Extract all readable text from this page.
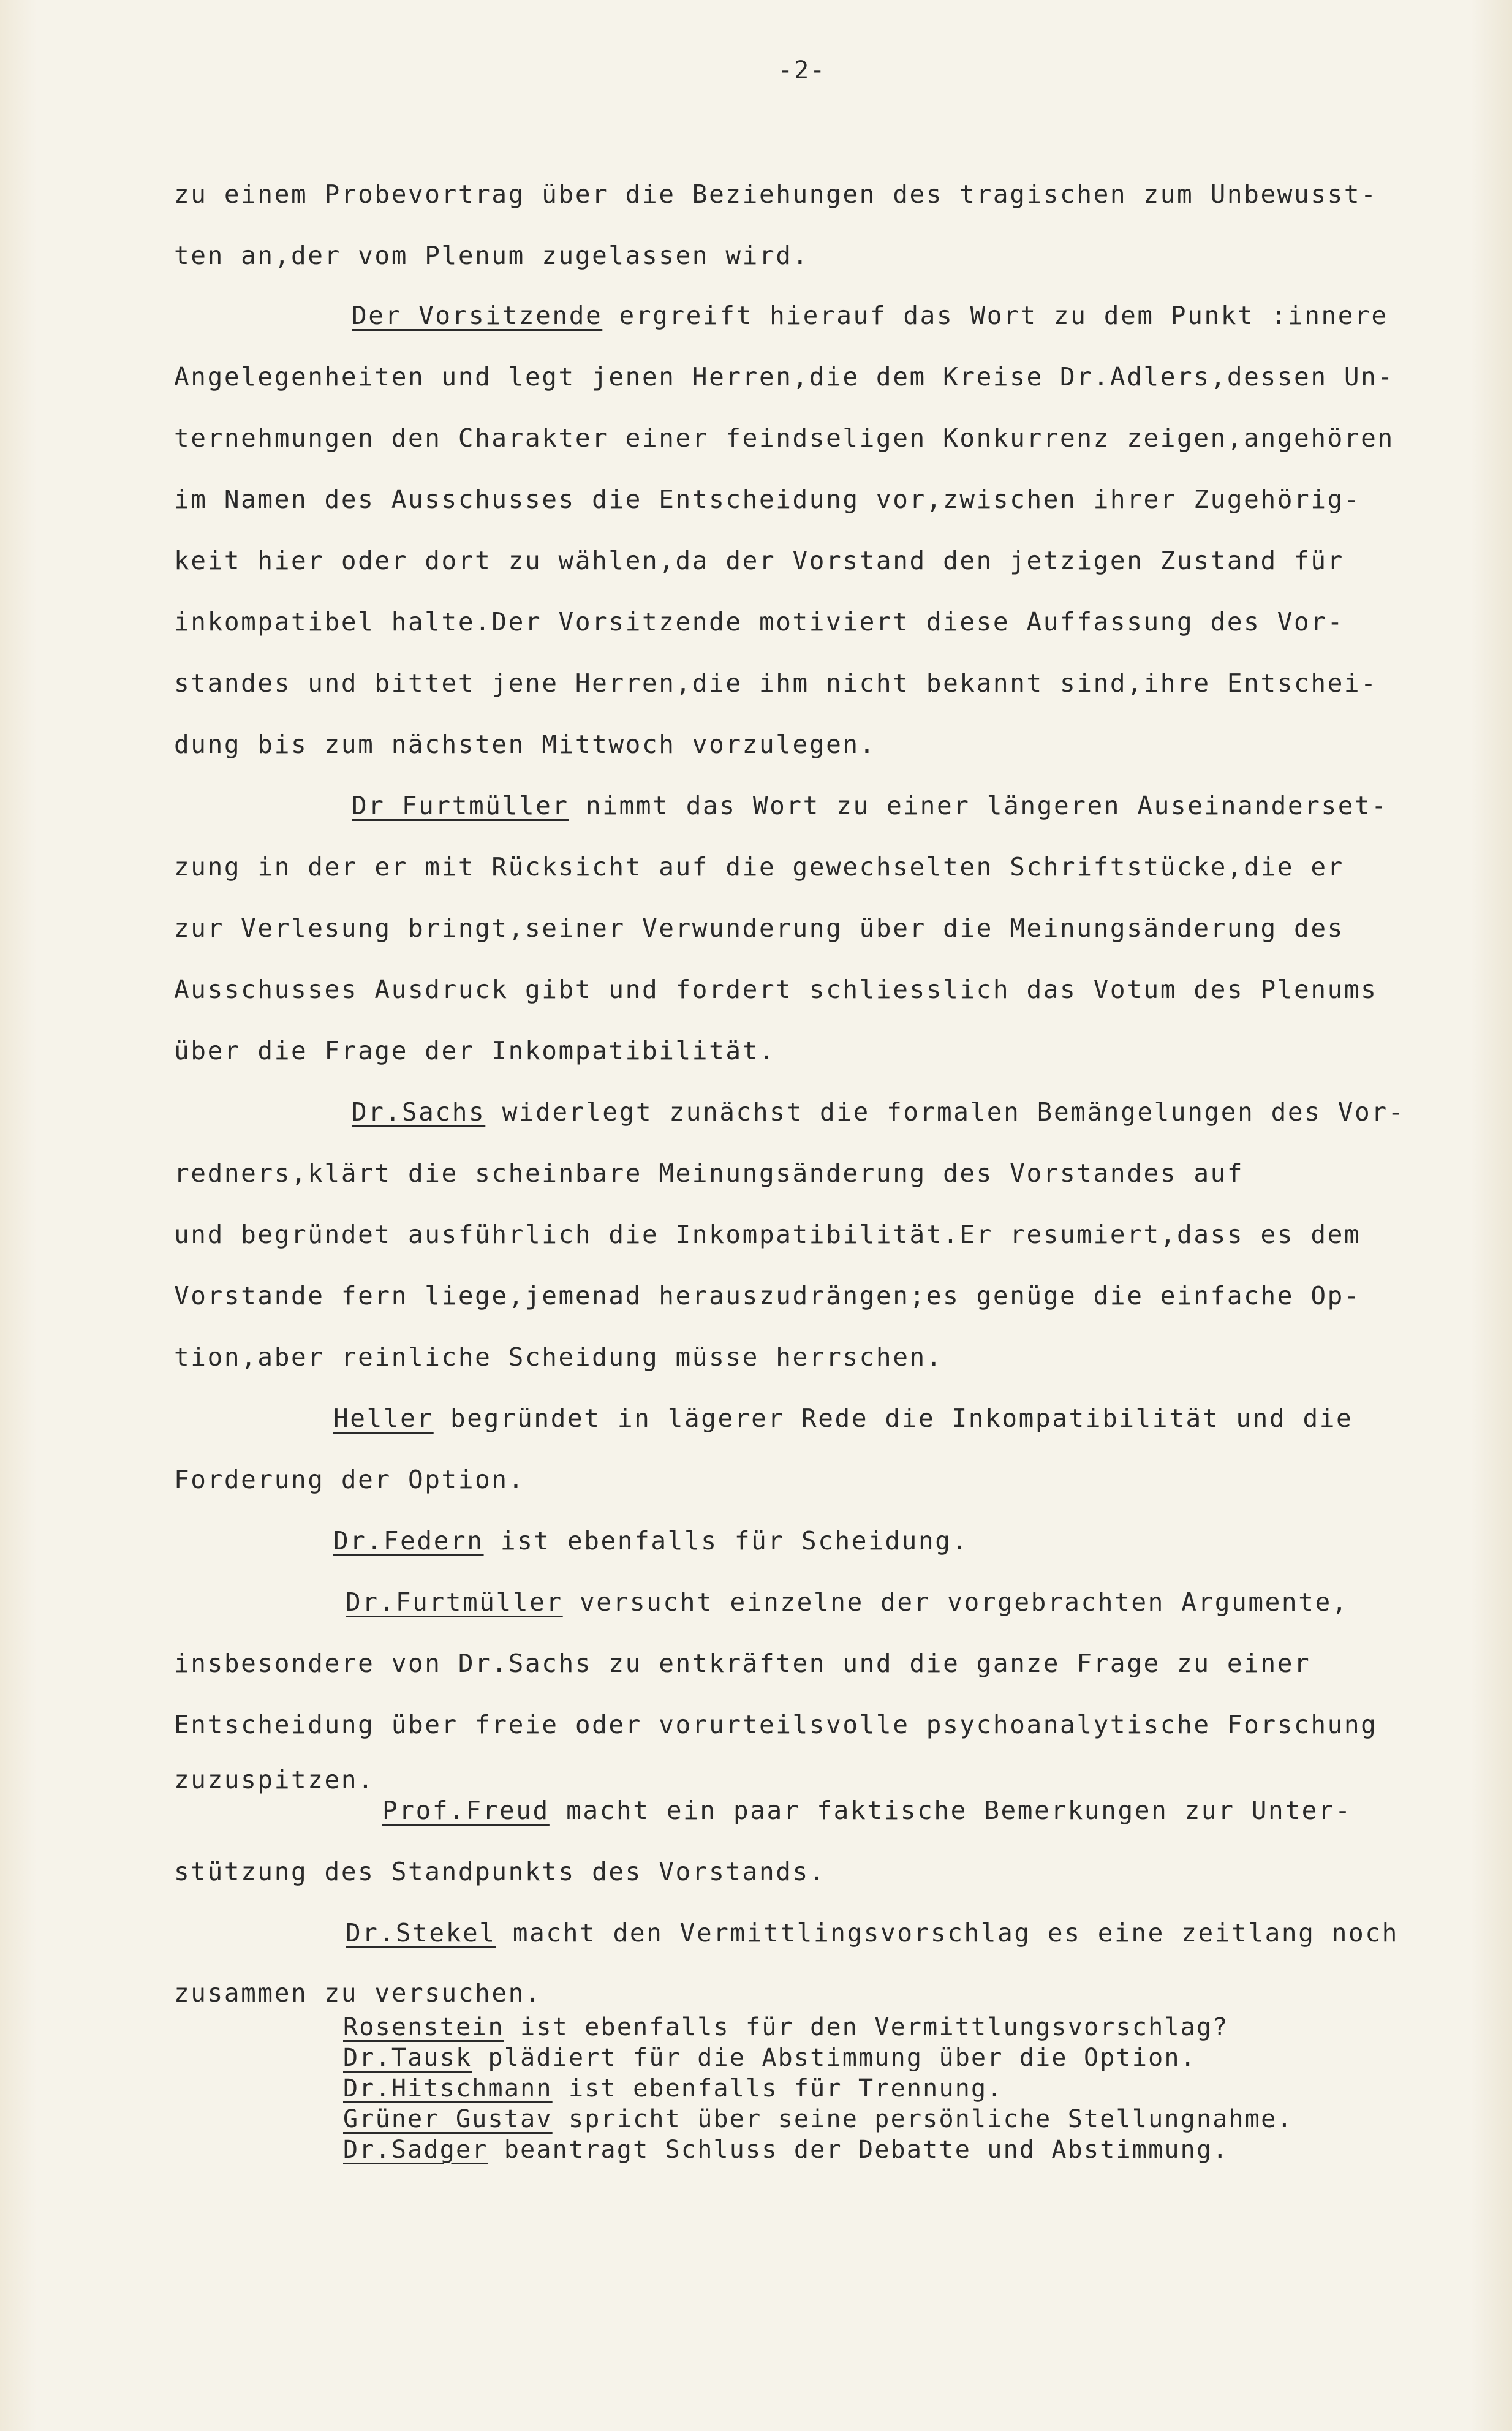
-2-
zu einem Probevortrag über die Beziehungen des tragischen zum Unbewusst-
ten an,der vom Plenum zugelassen wird.
Der Vorsitzende ergreift hierauf das Wort zu dem Punkt :innere
Angelegenheiten und legt jenen Herren,die dem Kreise Dr.Adlers,dessen Un-
ternehmungen den Charakter einer feindseligen Konkurrenz zeigen,angehören
im Namen des Ausschusses die Entscheidung vor,zwischen ihrer Zugehörig-
keit hier oder dort zu wählen,da der Vorstand den jetzigen Zustand für
inkompatibel halte.Der Vorsitzende motiviert diese Auffassung des Vor-
standes und bittet jene Herren,die ihm nicht bekannt sind,ihre Entschei-
dung bis zum nächsten Mittwoch vorzulegen.
Dr Furtmüller nimmt das Wort zu einer längeren Auseinanderset-
zung in der er mit Rücksicht auf die gewechselten Schriftstücke,die er
zur Verlesung bringt,seiner Verwunderung über die Meinungsänderung des
Ausschusses Ausdruck gibt und fordert schliesslich das Votum des Plenums
über die Frage der Inkompatibilität.
Dr.Sachs widerlegt zunächst die formalen Bemängelungen des Vor-
redners,klärt die scheinbare Meinungsänderung des Vorstandes auf
und begründet ausführlich die Inkompatibilität.Er resumiert,dass es dem
Vorstande fern liege,jemenad herauszudrängen;es genüge die einfache Op-
tion,aber reinliche Scheidung müsse herrschen.
Heller begründet in lägerer Rede die Inkompatibilität und die
Forderung der Option.
Dr.Federn ist ebenfalls für Scheidung.
Dr.Furtmüller versucht einzelne der vorgebrachten Argumente,
insbesondere von Dr.Sachs zu entkräften und die ganze Frage zu einer
Entscheidung über freie oder vorurteilsvolle psychoanalytische Forschung
zuzuspitzen.
Prof.Freud macht ein paar faktische Bemerkungen zur Unter-
stützung des Standpunkts des Vorstands.
Dr.Stekel macht den Vermittlingsvorschlag es eine zeitlang noch
zusammen zu versuchen.
Rosenstein ist ebenfalls für den Vermittlungsvorschlag?
Dr.Tausk plädiert für die Abstimmung über die Option.
Dr.Hitschmann ist ebenfalls für Trennung.
Grüner Gustav spricht über seine persönliche Stellungnahme.
Dr.Sadger beantragt Schluss der Debatte und Abstimmung.
